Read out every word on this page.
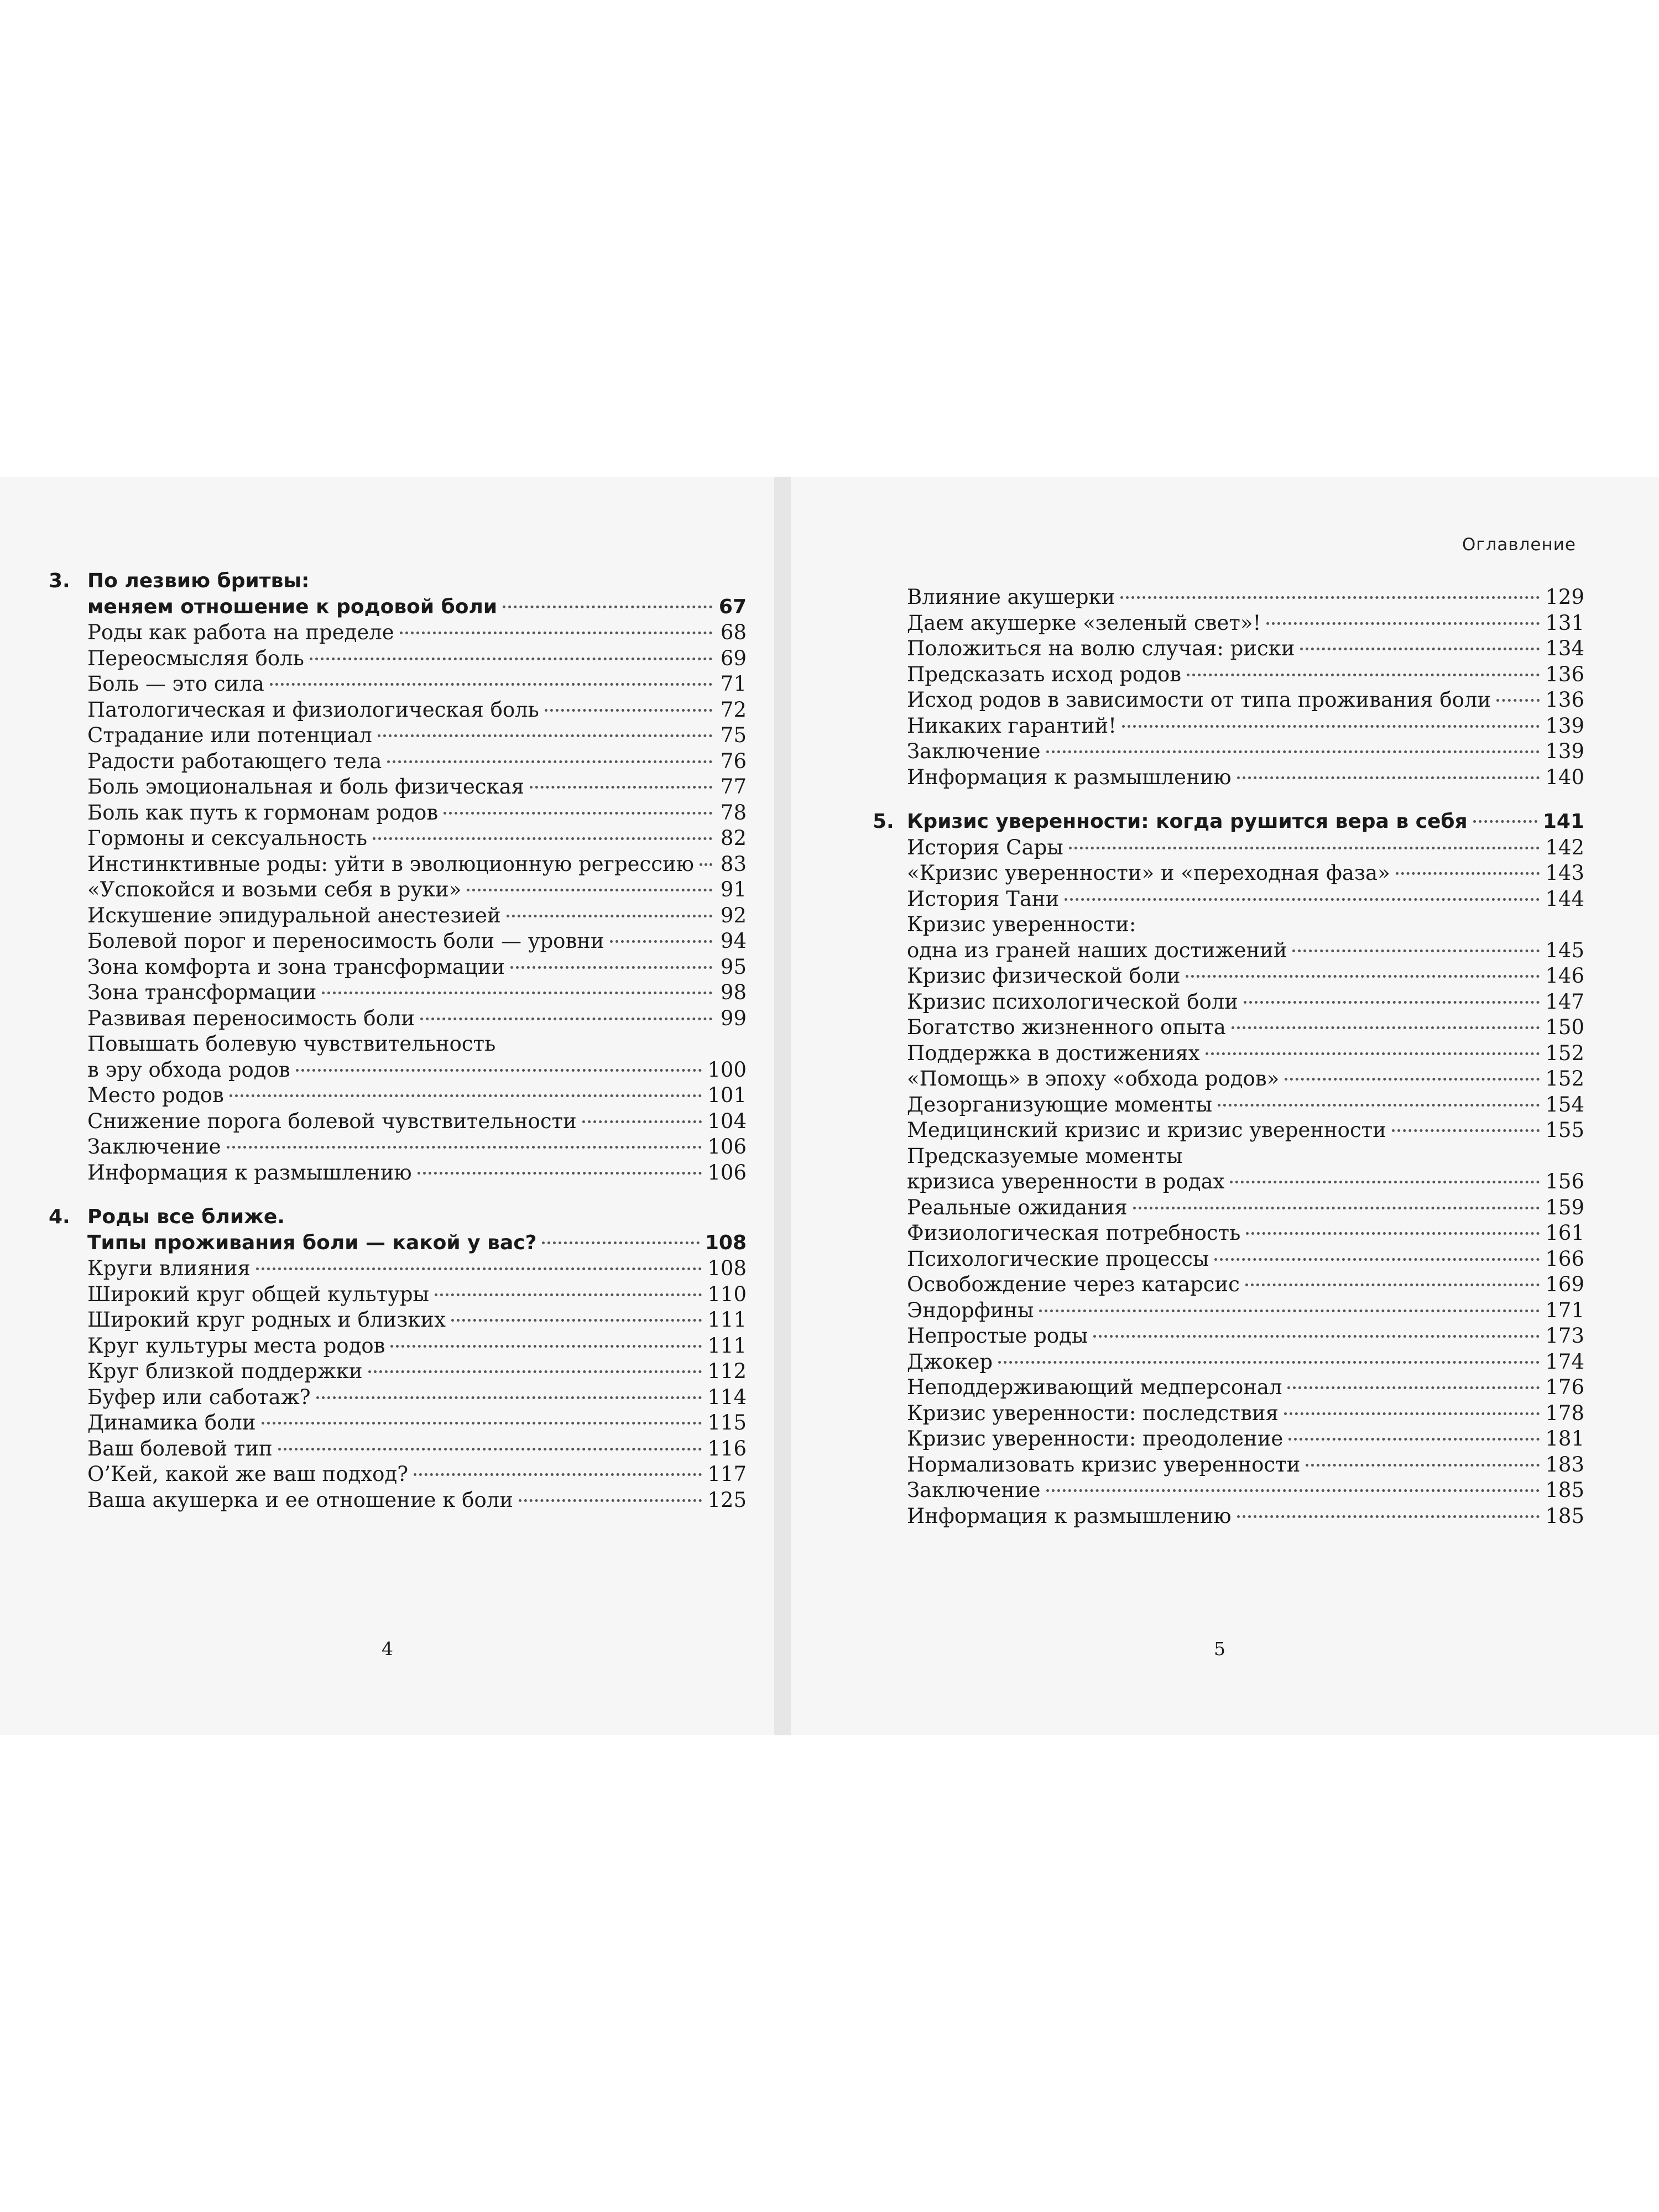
3. По лезвию бритвы:
меняем отношение к родовой боли	67
Роды как работа на пределе	68
Переосмысляя боль	69
Боль — это сила	71
Патологическая и физиологическая боль	72
Страдание или потенциал	75
Радости работающего тела	76
Боль эмоциональная и боль физическая	77
Боль как путь к гормонам родов	78
Гормоны и сексуальность	82
Инстинктивные роды: уйти в эволюционную регрессию 83
«Успокойся и возьми себя в руки»	91
Искушение эпидуральной анестезией	92
Болевой порог и переносимость боли — уровни	94
Зона комфорта и зона трансформации	95
Зона трансформации	98
Развивая переносимость боли	99
Повышать болевую чувствительность
в эру обхода родов	100
Место родов	101
Снижение порога болевой чувствительности	104
Заключение	106
Информация к размышлению	106
4. Роды все ближе.
Типы проживания боли — какой у вас?	108
Круги влияния	108
Широкий круг общей культуры	110
Широкий круг родных и близких	111
Круг культуры места родов	111
Круг близкой поддержки	112
Буфер или саботаж?	114
Динамика боли	115
Ваш болевой тип	116
О’Кей, какой же ваш подход?	117
Ваша акушерка и ее отношение к боли	125
4
Оглавление
Влияние акушерки	129
Даем акушерке «зеленый свет»!	131
Положиться на волю случая: риски	134
Предсказать исход родов	136
Исход родов в зависимости от типа проживания боли	136
Никаких гарантий!	139
Заключение	139
Информация к размышлению	140
5. Кризис уверенности: когда рушится вера в себя	141
История Сары	142
«Кризис уверенности» и «переходная фаза»	143
История Тани	144
Кризис уверенности:
одна из граней наших достижений	145
Кризис физической боли	146
Кризис психологической боли	147
Богатство жизненного опыта	150
Поддержка в достижениях	152
«Помощь» в эпоху «обхода родов»	152
Дезорганизующие моменты	154
Медицинский кризис и кризис уверенности	155
Предсказуемые моменты
кризиса уверенности в родах	156
Реальные ожидания	159
Физиологическая потребность	161
Психологические процессы	166
Освобождение через катарсис	169
Эндорфины	171
Непростые роды	173
Джокер	174
Неподдерживающий медперсонал	176
Кризис уверенности: последствия	178
Кризис уверенности: преодоление	181
Нормализовать кризис уверенности	183
Заключение	185
Информация к размышлению	185
5
